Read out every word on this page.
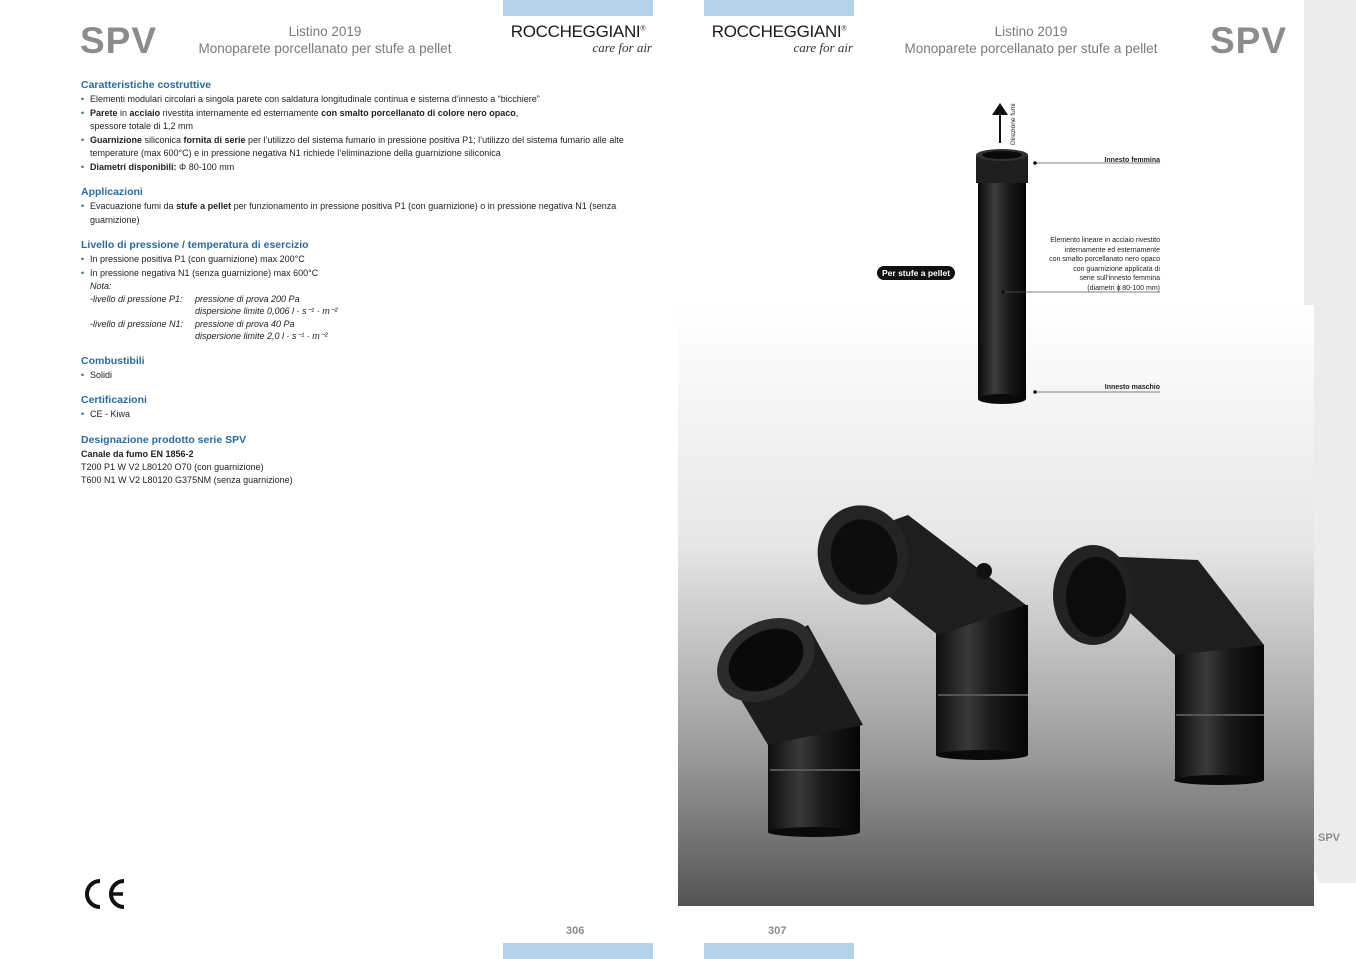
SPV	Listino 2019
Monoparete porcellanato per stufe a pellet
ROCCHEGGIANI®
care for air
Caratteristiche costruttive
• Elementi modulari circolari a singola parete con saldatura longitudinale continua e sistema d’innesto a “bicchiere”
• Parete in acciaio rivestita internamente ed esternamente con smalto porcellanato di colore nero opaco,
spessore totale di 1,2 mm
• Guarnizione siliconica fornita di serie per l’utilizzo del sistema fumario in pressione positiva P1; l’utilizzo del sistema fumario alle alte temperature (max 600°C) e in pressione negativa N1 richiede l’eliminazione della guarnizione siliconica
• Diametri disponibili: Φ 80-100 mm
Applicazioni
• Evacuazione fumi da stufe a pellet per funzionamento in pressione positiva P1 (con guarnizione) o in pressione negativa N1 (senza guarnizione)
Livello di pressione / temperatura di esercizio
• In pressione positiva P1 (con guarnizione) max 200°C
• In pressione negativa N1 (senza guarnizione) max 600°C
Nota:
-livello di pressione P1:	pressione di prova 200 Pa
dispersione limite 0,006 l · s⁻¹ · m⁻²
-livello di pressione N1:	pressione di prova 40 Pa
dispersione limite 2,0 l · s⁻¹ · m⁻²
Combustibili
• Solidi
Certificazioni
• CE - Kiwa
Designazione prodotto serie SPV
Canale da fumo EN 1856-2
T200 P1 W V2 L80120 O70 (con guarnizione)
T600 N1 W V2 L80120 G375NM (senza guarnizione)
306
ROCCHEGGIANI®
care for air
Listino 2019
Monoparete porcellanato per stufe a pellet SPV
SPV
Direzione fumi
Innesto femmina
Elemento lineare in acciaio rivestito
internamente ed esternamente
con smalto porcellanato nero opaco
con guarnizione applicata di
serie sull’innesto femmina
(diametri ɸ 80-100 mm)
Innesto maschio
Per stufe a pellet
307
